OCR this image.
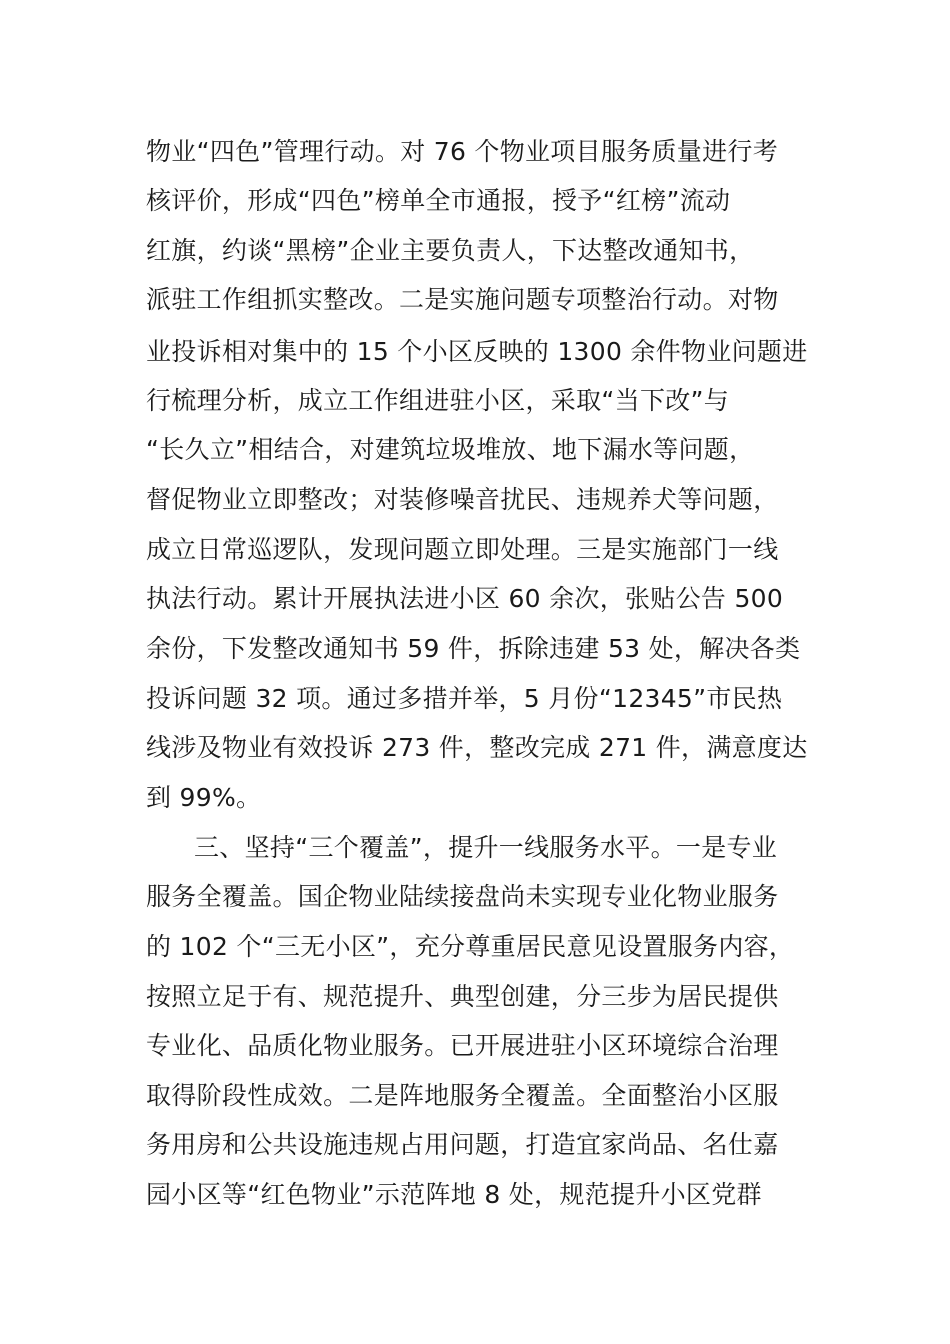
物业“四色”管理行动。对 76 个物业项目服务质量进行考
核评价，形成“四色”榜单全市通报，授予“红榜”流动
红旗，约谈“黑榜”企业主要负责人，下达整改通知书，
派驻工作组抓实整改。二是实施问题专项整治行动。对物
业投诉相对集中的 15 个小区反映的 1300 余件物业问题进
行梳理分析，成立工作组进驻小区，采取“当下改”与
“长久立”相结合，对建筑垃圾堆放、地下漏水等问题，
督促物业立即整改；对装修噪音扰民、违规养犬等问题，
成立日常巡逻队，发现问题立即处理。三是实施部门一线
执法行动。累计开展执法进小区 60 余次，张贴公告 500
余份，下发整改通知书 59 件，拆除违建 53 处，解决各类
投诉问题 32 项。通过多措并举，5 月份“12345”市民热
线涉及物业有效投诉 273 件，整改完成 271 件，满意度达
到 99%。
三、坚持“三个覆盖”，提升一线服务水平。一是专业
服务全覆盖。国企物业陆续接盘尚未实现专业化物业服务
的 102 个“三无小区”，充分尊重居民意见设置服务内容，
按照立足于有、规范提升、典型创建，分三步为居民提供
专业化、品质化物业服务。已开展进驻小区环境综合治理
取得阶段性成效。二是阵地服务全覆盖。全面整治小区服
务用房和公共设施违规占用问题，打造宜家尚品、名仕嘉
园小区等“红色物业”示范阵地 8 处，规范提升小区党群
